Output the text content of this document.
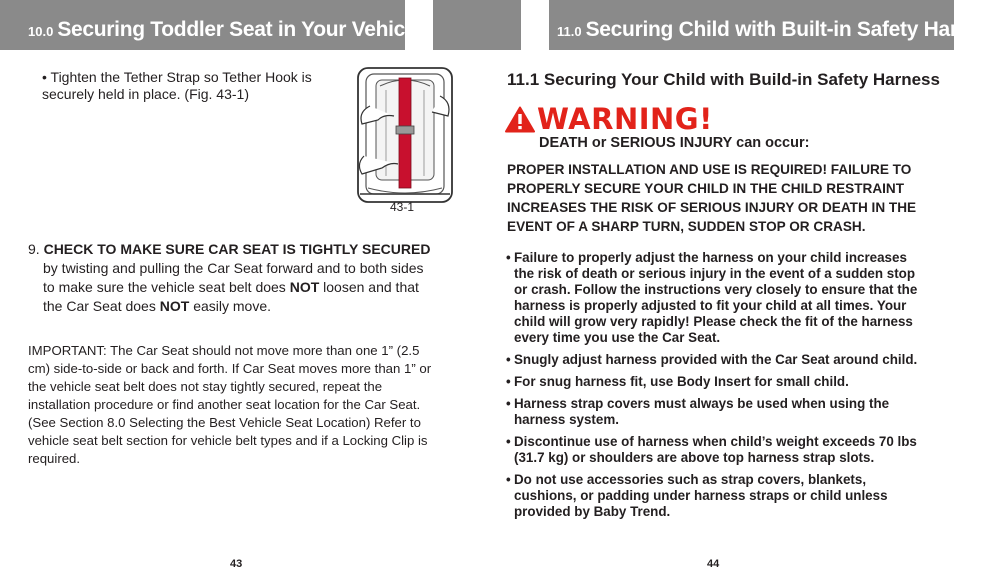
10.0 Securing Toddler Seat in Your Vehicle	11.0 Securing Child with Built-in Safety Harness

• Tighten the Tether Strap so Tether Hook is securely held in place. (Fig. 43-1)

43-1
9. CHECK TO MAKE SURE CAR SEAT IS TIGHTLY SECURED by twisting and pulling the Car Seat forward and to both sides to make sure the vehicle seat belt does NOT loosen and that the Car Seat does NOT easily move.

IMPORTANT: The Car Seat should not move more than one 1” (2.5 cm) side-to-side or back and forth. If Car Seat moves more than 1” or the vehicle seat belt does not stay tightly secured, repeat the installation procedure or find another seat location for the Car Seat. (See Section 8.0 Selecting the Best Vehicle Seat Location) Refer to vehicle seat belt section for vehicle belt types and if a Locking Clip is required.

43
11.1 Securing Your Child with Build-in Safety Harness
WARNING!

DEATH or SERIOUS INJURY can occur:

PROPER INSTALLATION AND USE IS REQUIRED! FAILURE TO PROPERLY SECURE YOUR CHILD IN THE CHILD RESTRAINT INCREASES THE RISK OF SERIOUS INJURY OR DEATH IN THE EVENT OF A SHARP TURN, SUDDEN STOP OR CRASH.

• Failure to properly adjust the harness on your child increases the risk of death or serious injury in the event of a sudden stop or crash. Follow the instructions very closely to ensure that the harness is properly adjusted to fit your child at all times. Your child will grow very rapidly! Please check the fit of the harness every time you use the Car Seat.
• Snugly adjust harness provided with the Car Seat around child.
• For snug harness fit, use Body Insert for small child.
• Harness strap covers must always be used when using the harness system.
• Discontinue use of harness when child’s weight exceeds 70 lbs (31.7 kg) or shoulders are above top harness strap slots.
• Do not use accessories such as strap covers, blankets, cushions, or padding under harness straps or child unless provided by Baby Trend.
44
